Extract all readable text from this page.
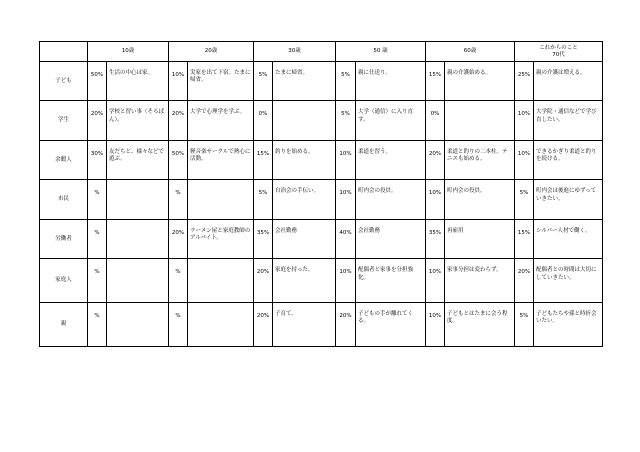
	10歳		20歳		30歳		50 歳		60歳		これからのこと
70代	

子ども	50%	生活の中心は家。	10%	実家を出て下宿。たまに帰省。	5%	たまに帰省。	5%	親に仕送り。	15%	親の介護始める。	25%	親の介護は増える。
学生	20%	学校と習い事（そろばん）。	20%	大学で心理学を学ぶ。	0%		5%	大学（通信）に入り直す。	0%		10%	大学院・通信などで学び直したい。
余暇人	30%	友だちと、様々などで遊ぶ。	50%	軽音楽サークルで熱心に活動。	15%	釣りを始める。	10%	柔道を習う。	20%	柔道と釣りの二本柱。テニスも始める。	10%	できるかぎり柔道と釣りを続ける。
市民	%		%		5%	自治会の手伝い。	10%	町内会の役員。	10%	町内会の役員。	5%	町内会は後進にゆずっていきたい。
労働者	%		20%	ラーメン屋と家庭教師のアルバイト。	35%	会社勤務	40%	会社勤務	35%	再雇用	15%	シルバー人材で働く。
家庭人	%		%		20%	家庭を持った。	10%	配偶者と家事を分担強化。	10%	家事分担は変わらず。	20%	配偶者との時間は大切にしていきたい。
親	%		%		20%	子育て。	20%	子どもの手が離れてくる。	10%	子どもとはたまに会う程度。	5%	子どもたちや孫と時折会いたい。
